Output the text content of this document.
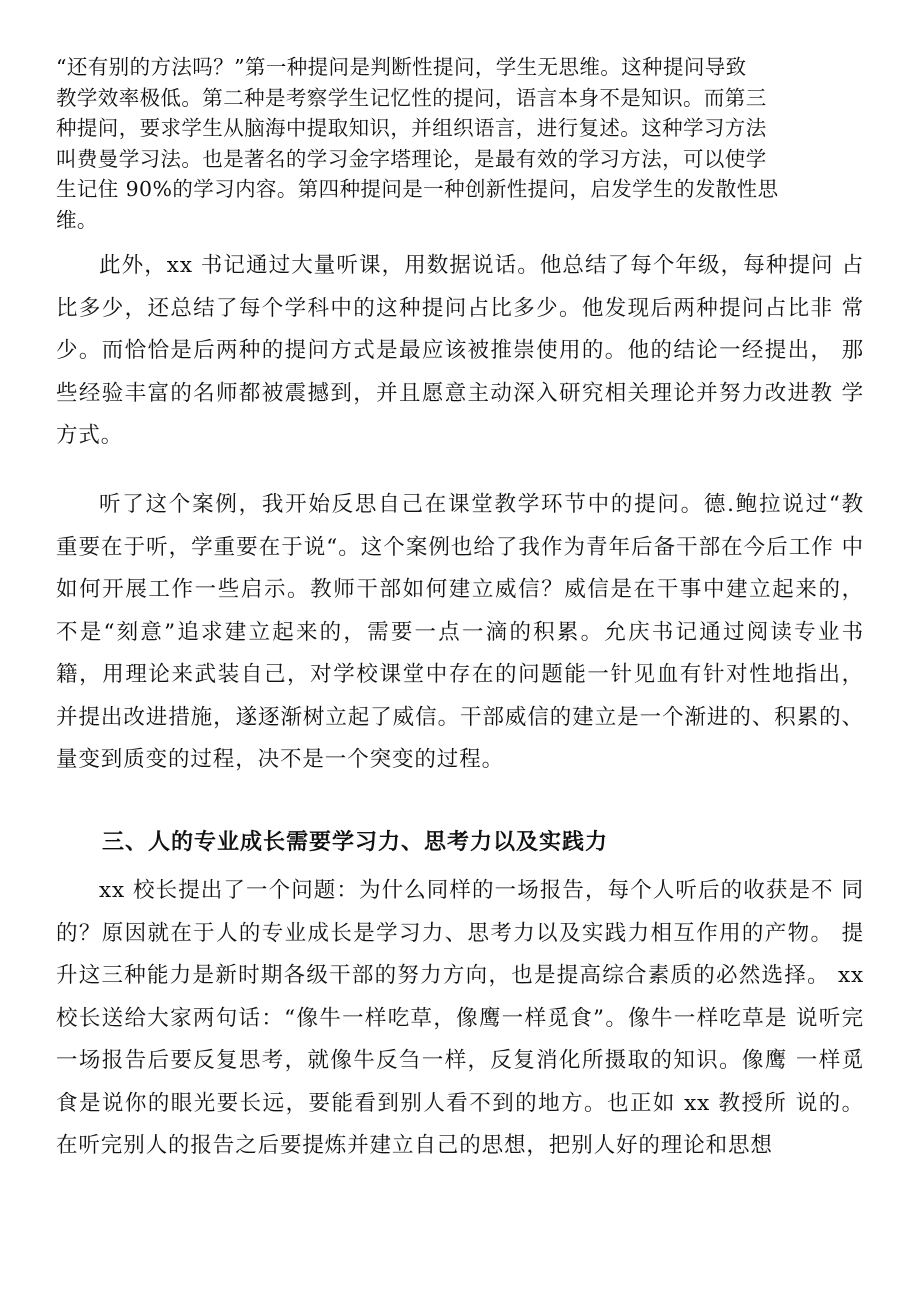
“还有别的方法吗？”第一种提问是判断性提问，学生无思维。这种提问导致
教学效率极低。第二种是考察学生记忆性的提问，语言本身不是知识。而第三
种提问，要求学生从脑海中提取知识，并组织语言，进行复述。这种学习方法
叫费曼学习法。也是著名的学习金字塔理论，是最有效的学习方法，可以使学
生记住 90%的学习内容。第四种提问是一种创新性提问，启发学生的发散性思
维。

此外，xx 书记通过大量听课，用数据说话。他总结了每个年级，每种提问 占比多少，还总结了每个学科中的这种提问占比多少。他发现后两种提问占比非 常少。而恰恰是后两种的提问方式是最应该被推崇使用的。他的结论一经提出， 那些经验丰富的名师都被震撼到，并且愿意主动深入研究相关理论并努力改进教 学方式。

听了这个案例，我开始反思自己在课堂教学环节中的提问。德.鲍拉说过“教 重要在于听，学重要在于说“。这个案例也给了我作为青年后备干部在今后工作 中如何开展工作一些启示。教师干部如何建立威信？威信是在干事中建立起来的， 不是“刻意”追求建立起来的，需要一点一滴的积累。允庆书记通过阅读专业书 籍，用理论来武装自己，对学校课堂中存在的问题能一针见血有针对性地指出， 并提出改进措施，遂逐渐树立起了威信。干部威信的建立是一个渐进的、积累的、 量变到质变的过程，决不是一个突变的过程。

三、人的专业成长需要学习力、思考力以及实践力

xx 校长提出了一个问题：为什么同样的一场报告，每个人听后的收获是不 同的？原因就在于人的专业成长是学习力、思考力以及实践力相互作用的产物。 提升这三种能力是新时期各级干部的努力方向，也是提高综合素质的必然选择。 xx 校长送给大家两句话：“像牛一样吃草，像鹰一样觅食”。像牛一样吃草是 说听完一场报告后要反复思考，就像牛反刍一样，反复消化所摄取的知识。像鹰 一样觅食是说你的眼光要长远，要能看到别人看不到的地方。也正如 xx 教授所 说的。在听完别人的报告之后要提炼并建立自己的思想，把别人好的理论和思想
